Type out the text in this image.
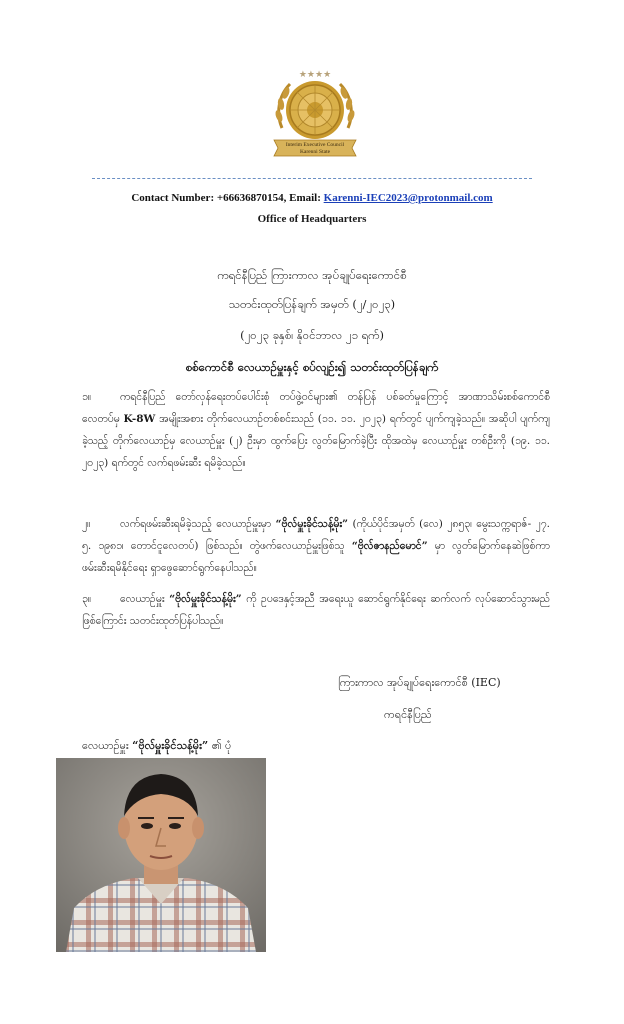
★★★★
Interim Executive Council
Karenni State
Contact Number: +66636870154, Email: Karenni-IEC2023@protonmail.com
Office of Headquarters
ကရင်နီပြည် ကြားကာလ အုပ်ချုပ်ရေးကောင်စီ
သတင်းထုတ်ပြန်ချက် အမှတ် (၂/၂၀၂၃)
(၂၀၂၃ ခုနှစ်၊ နိုဝင်ဘာလ ၂၁ ရက်)
စစ်ကောင်စီ လေယာဉ်မှူးနှင့် စပ်လျဉ်း၍ သတင်းထုတ်ပြန်ချက်
၁။	ကရင်နီပြည် တော်လှန်ရေးတပ်ပေါင်းစုံ တပ်ဖွဲ့ဝင်များ၏ တန်ပြန် ပစ်ခတ်မှုကြောင့် အာဏာသိမ်းစစ်ကောင်စီ လေတပ်မှ K-8W အမျိုးအစား တိုက်လေယာဉ်တစ်စင်းသည် (၁၁. ၁၁. ၂၀၂၃) ရက်တွင် ပျက်ကျခဲ့သည်။ အဆိုပါ ပျက်ကျခဲ့သည့် တိုက်လေယာဉ်မှ လေယာဉ်မှူး (၂) ဦးမှာ ထွက်ပြေး လွတ်မြောက်ခဲ့ပြီး ထိုအထဲမှ လေယာဉ်မှူး တစ်ဦးကို (၁၉. ၁၁. ၂၀၂၃) ရက်တွင် လက်ရဖမ်းဆီး ရမိခဲ့သည်။
၂။	လက်ရဖမ်းဆီးရမိခဲ့သည့် လေယာဉ်မှူးမှာ “ဗိုလ်မှူးခိုင်သန့်မိုး” (ကိုယ်ပိုင်အမှတ် (လေ) ၂၈၅၃၊ မွေးသက္ကရာဇ်- ၂၇. ၅. ၁၉၈၁၊ တောင်ငူလေတပ်) ဖြစ်သည်။ တွဲဖက်လေယာဉ်မှူးဖြစ်သူ “ဗိုလ်ဇာနည်မောင်” မှာ လွတ်မြောက်နေဆဲဖြစ်ကာ ဖမ်းဆီးရမိနိုင်ရေး ရှာဖွေဆောင်ရွက်နေပါသည်။
၃။	လေယာဉ်မှူး “ဗိုလ်မှူးခိုင်သန့်မိုး” ကို ဥပဒေနှင့်အညီ အရေးယူ ဆောင်ရွက်နိုင်ရေး ဆက်လက် လုပ်ဆောင်သွားမည်ဖြစ်ကြောင်း သတင်းထုတ်ပြန်ပါသည်။
ကြားကာလ အုပ်ချုပ်ရေးကောင်စီ (IEC)
ကရင်နီပြည်
လေယာဉ်မှူး “ဗိုလ်မှူးခိုင်သန့်မိုး” ၏ ပုံ
